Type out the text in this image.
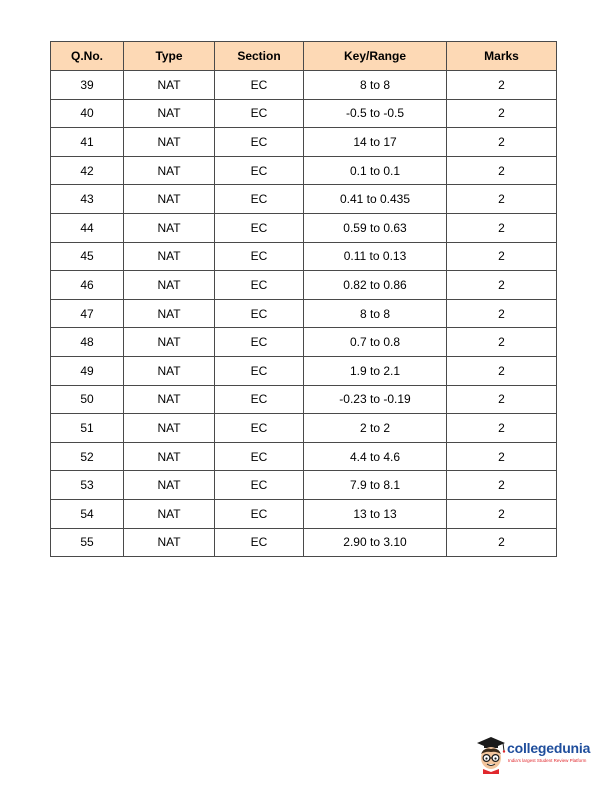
Q.No.	Type	Section	Key/Range	Marks
39	NAT	EC	8 to 8	2
40	NAT	EC	-0.5 to -0.5	2
41	NAT	EC	14 to 17	2
42	NAT	EC	0.1 to 0.1	2
43	NAT	EC	0.41 to 0.435	2
44	NAT	EC	0.59 to 0.63	2
45	NAT	EC	0.11 to 0.13	2
46	NAT	EC	0.82 to 0.86	2
47	NAT	EC	8 to 8	2
48	NAT	EC	0.7 to 0.8	2
49	NAT	EC	1.9 to 2.1	2
50	NAT	EC	-0.23 to -0.19	2
51	NAT	EC	2 to 2	2
52	NAT	EC	4.4 to 4.6	2
53	NAT	EC	7.9 to 8.1	2
54	NAT	EC	13 to 13	2
55	NAT	EC	2.90 to 3.10	2
collegedunia
India's largest Student Review Platform
